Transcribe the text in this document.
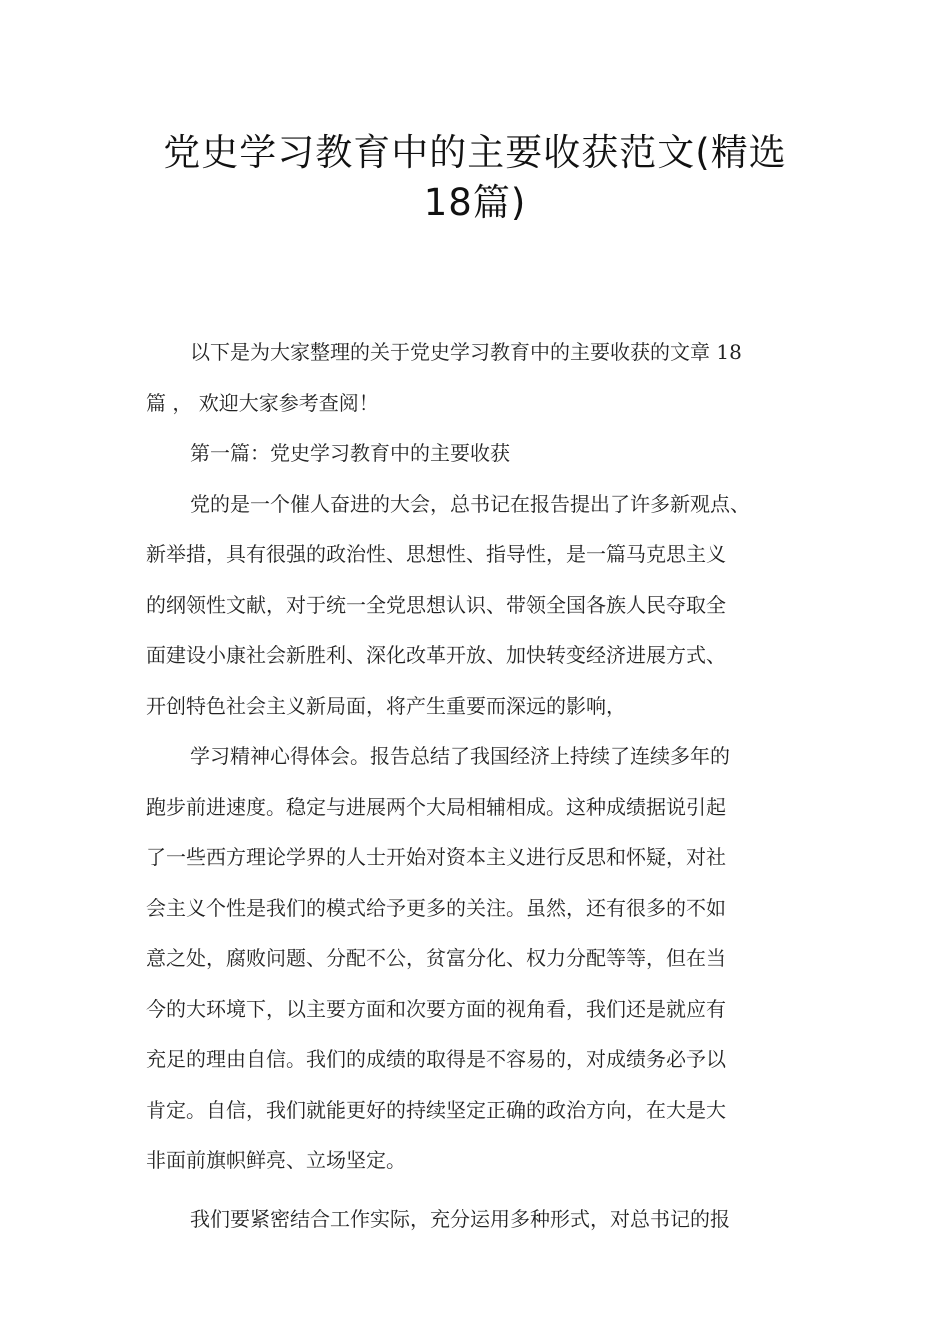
党史学习教育中的主要收获范文(精选
18篇)
以下是为大家整理的关于党史学习教育中的主要收获的文章 18
篇 ， 欢迎大家参考查阅！
第一篇：党史学习教育中的主要收获
党的是一个催人奋进的大会，总书记在报告提出了许多新观点、
新举措，具有很强的政治性、思想性、指导性，是一篇马克思主义
的纲领性文献，对于统一全党思想认识、带领全国各族人民夺取全
面建设小康社会新胜利、深化改革开放、加快转变经济进展方式、
开创特色社会主义新局面，将产生重要而深远的影响，
学习精神心得体会。报告总结了我国经济上持续了连续多年的
跑步前进速度。稳定与进展两个大局相辅相成。这种成绩据说引起
了一些西方理论学界的人士开始对资本主义进行反思和怀疑，对社
会主义个性是我们的模式给予更多的关注。虽然，还有很多的不如
意之处，腐败问题、分配不公，贫富分化、权力分配等等，但在当
今的大环境下，以主要方面和次要方面的视角看，我们还是就应有
充足的理由自信。我们的成绩的取得是不容易的，对成绩务必予以
肯定。自信，我们就能更好的持续坚定正确的政治方向，在大是大
非面前旗帜鲜亮、立场坚定。
我们要紧密结合工作实际，充分运用多种形式，对总书记的报
